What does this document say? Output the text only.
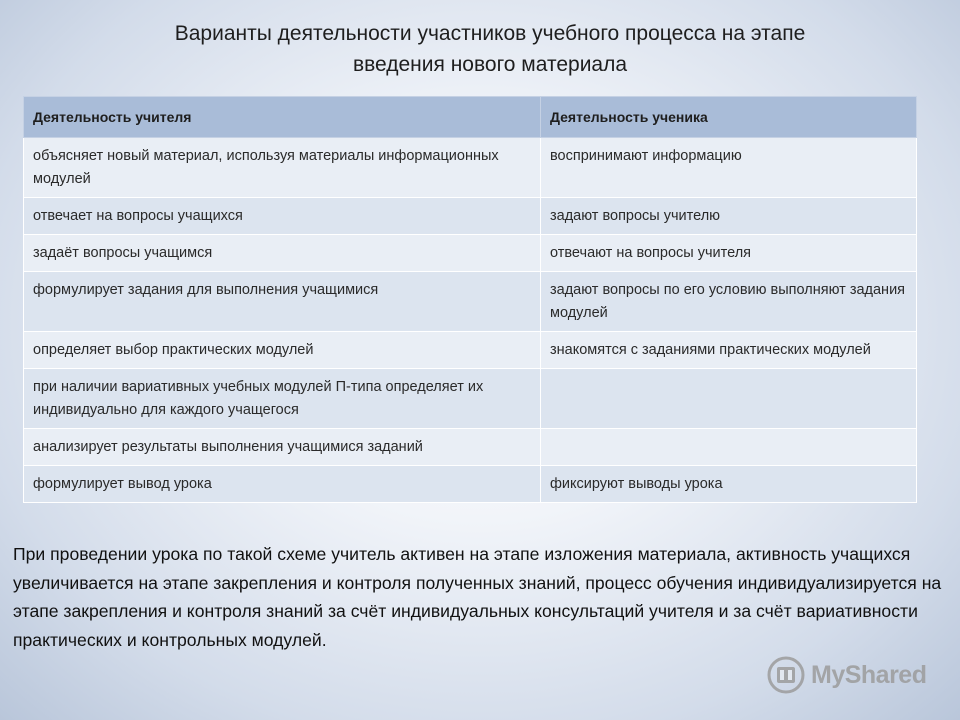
Варианты деятельности участников учебного процесса на этапе
введения нового материала
Деятельность учителя	Деятельность ученика
объясняет новый материал, используя материалы информационных модулей	воспринимают информацию
отвечает на вопросы учащихся	задают вопросы учителю
задаёт вопросы учащимся	отвечают на вопросы учителя
формулирует задания для выполнения учащимися	задают вопросы по его условию выполняют задания модулей
определяет выбор практических модулей	знакомятся с заданиями практических модулей
при наличии вариативных учебных модулей П-типа определяет их индивидуально для каждого учащегося	
анализирует результаты выполнения учащимися заданий	
формулирует вывод урока	фиксируют выводы урока

При проведении урока по такой схеме учитель активен на этапе изложения материала, активность учащихся увеличивается на этапе закрепления и контроля полученных знаний, процесс обучения индивидуализируется на этапе закрепления и контроля знаний за счёт индивидуальных консультаций учителя и за счёт вариативности практических и контрольных модулей.

MyShared
